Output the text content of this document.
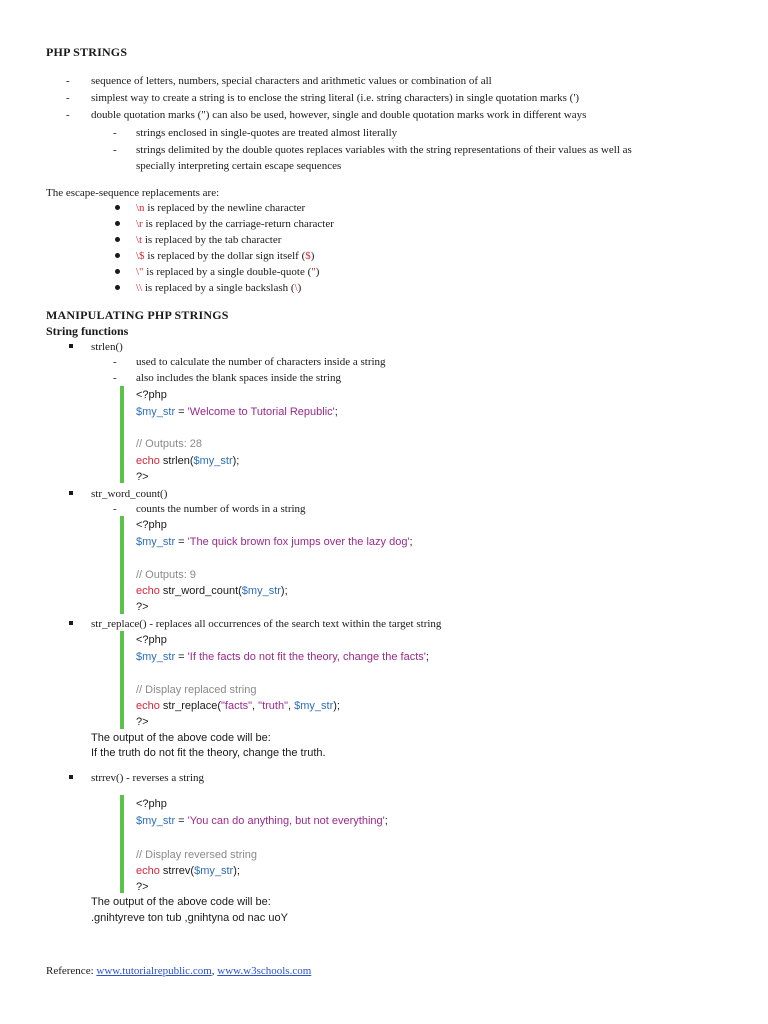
PHP STRINGS
- sequence of letters, numbers, special characters and arithmetic values or combination of all
- simplest way to create a string is to enclose the string literal (i.e. string characters) in single quotation marks (')
- double quotation marks (") can also be used, however, single and double quotation marks work in different ways
- strings enclosed in single-quotes are treated almost literally
- strings delimited by the double quotes replaces variables with the string representations of their values as well as
specially interpreting certain escape sequences
The escape-sequence replacements are:
\n is replaced by the newline character
\r is replaced by the carriage-return character
\t is replaced by the tab character
\$ is replaced by the dollar sign itself ($)
\" is replaced by a single double-quote (")
\\ is replaced by a single backslash (\)
MANIPULATING PHP STRINGS
String functions
strlen()
- used to calculate the number of characters inside a string
- also includes the blank spaces inside the string
<?php
$my_str = 'Welcome to Tutorial Republic';
// Outputs: 28
echo strlen($my_str);
?>
str_word_count()
- counts the number of words in a string
<?php
$my_str = 'The quick brown fox jumps over the lazy dog';
// Outputs: 9
echo str_word_count($my_str);
?>
str_replace() - replaces all occurrences of the search text within the target string
<?php
$my_str = 'If the facts do not fit the theory, change the facts';
// Display replaced string
echo str_replace("facts", "truth", $my_str);
?>
The output of the above code will be:
If the truth do not fit the theory, change the truth.
strrev() - reverses a string
<?php
$my_str = 'You can do anything, but not everything';
// Display reversed string
echo strrev($my_str);
?>
The output of the above code will be:
.gnihtyreve ton tub ,gnihtyna od nac uoY
Reference: www.tutorialrepublic.com, www.w3schools.com
